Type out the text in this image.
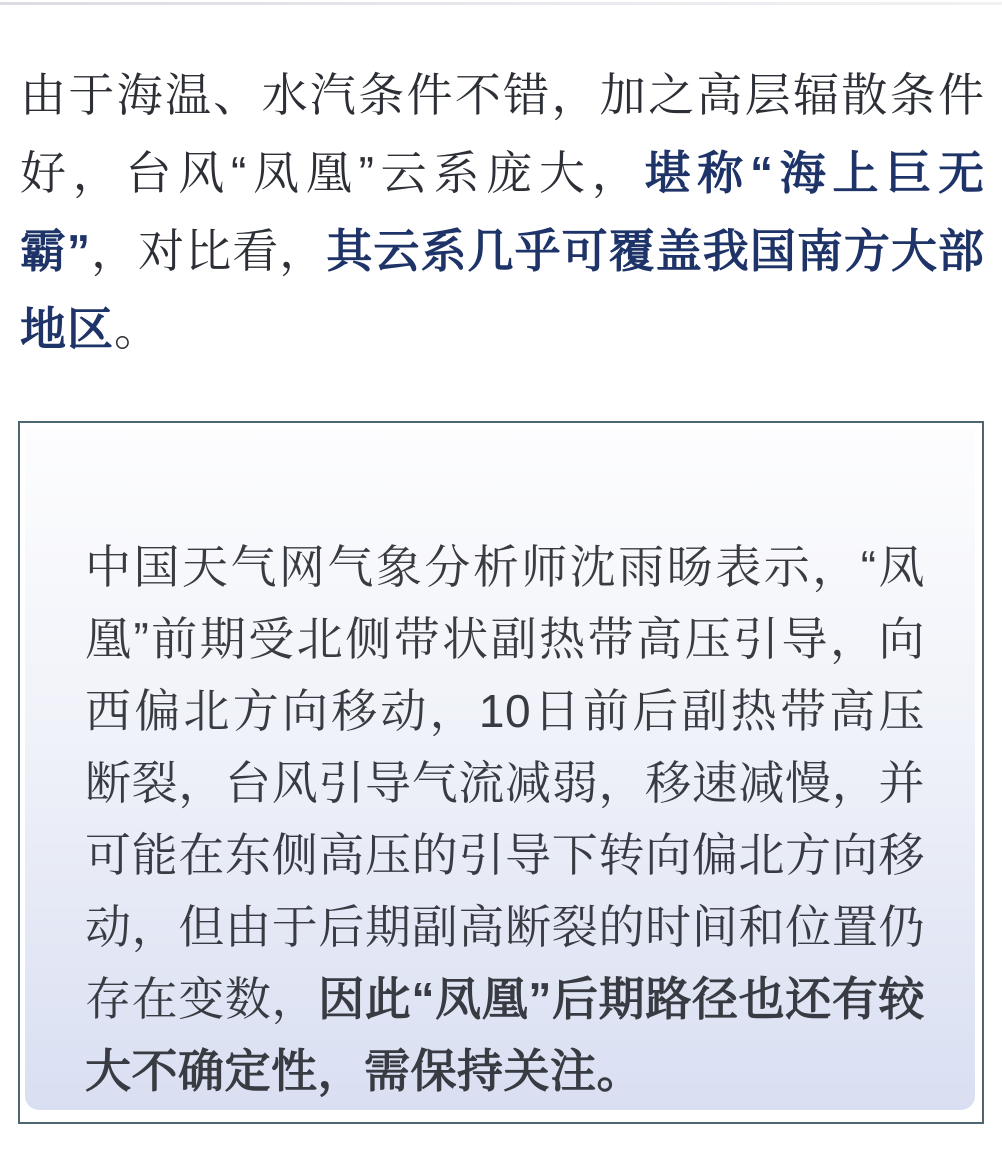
由于海温、水汽条件不错，加之高层辐散条件好，台风“凤凰”云系庞大，堪称“海上巨无霸”，对比看，其云系几乎可覆盖我国南方大部地区。

中国天气网气象分析师沈雨旸表示，“凤凰”前期受北侧带状副热带高压引导，向西偏北方向移动，10日前后副热带高压断裂，台风引导气流减弱，移速减慢，并可能在东侧高压的引导下转向偏北方向移动，但由于后期副高断裂的时间和位置仍存在变数，因此“凤凰”后期路径也还有较大不确定性，需保持关注。
